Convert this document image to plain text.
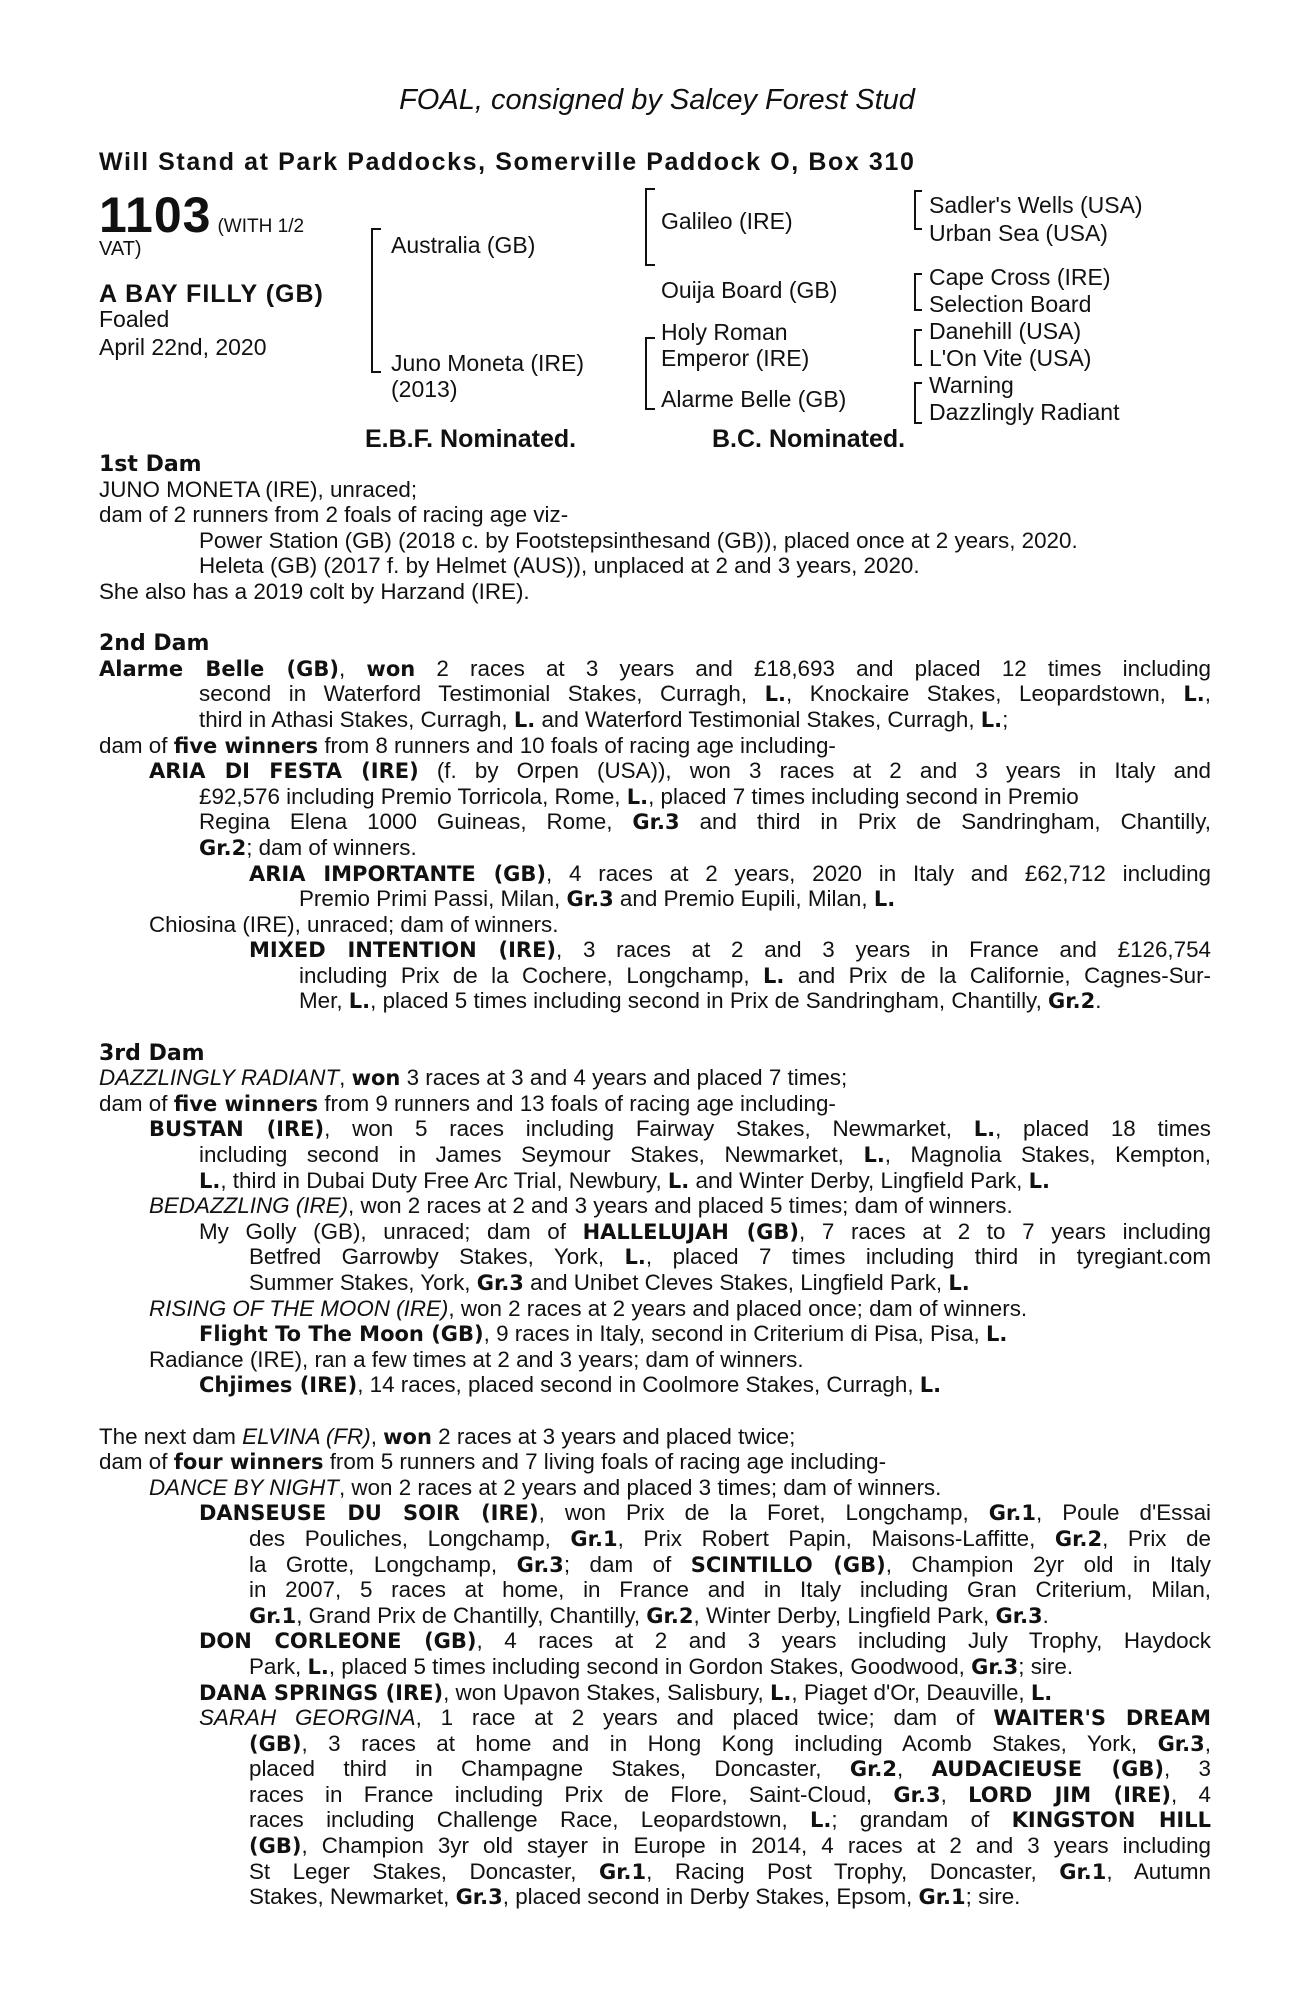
FOAL, consigned by Salcey Forest Stud
Will Stand at Park Paddocks, Somerville Paddock O, Box 310
1103 (WITH 1/2
VAT)
A BAY FILLY (GB)
Foaled
April 22nd, 2020
Australia (GB)
Juno Moneta (IRE)
(2013)
Galileo (IRE)
Ouija Board (GB)
Holy Roman
Emperor (IRE)
Alarme Belle (GB)
Sadler's Wells (USA)
Urban Sea (USA)
Cape Cross (IRE)
Selection Board
Danehill (USA)
L'On Vite (USA)
Warning
Dazzlingly Radiant
E.B.F. Nominated.	B.C. Nominated.
1st Dam
JUNO MONETA (IRE), unraced;
dam of 2 runners from 2 foals of racing age viz-
Power Station (GB) (2018 c. by Footstepsinthesand (GB)), placed once at 2 years, 2020.
Heleta (GB) (2017 f. by Helmet (AUS)), unplaced at 2 and 3 years, 2020.
She also has a 2019 colt by Harzand (IRE).
2nd Dam
Alarme Belle (GB), won 2 races at 3 years and £18,693 and placed 12 times including
second in Waterford Testimonial Stakes, Curragh, L., Knockaire Stakes, Leopardstown, L.,
third in Athasi Stakes, Curragh, L. and Waterford Testimonial Stakes, Curragh, L.;
dam of five winners from 8 runners and 10 foals of racing age including-
ARIA DI FESTA (IRE) (f. by Orpen (USA)), won 3 races at 2 and 3 years in Italy and
£92,576 including Premio Torricola, Rome, L., placed 7 times including second in Premio
Regina Elena 1000 Guineas, Rome, Gr.3 and third in Prix de Sandringham, Chantilly,
Gr.2; dam of winners.
ARIA IMPORTANTE (GB), 4 races at 2 years, 2020 in Italy and £62,712 including
Premio Primi Passi, Milan, Gr.3 and Premio Eupili, Milan, L.
Chiosina (IRE), unraced; dam of winners.
MIXED INTENTION (IRE), 3 races at 2 and 3 years in France and £126,754
including Prix de la Cochere, Longchamp, L. and Prix de la Californie, Cagnes-Sur-
Mer, L., placed 5 times including second in Prix de Sandringham, Chantilly, Gr.2.
3rd Dam
DAZZLINGLY RADIANT, won 3 races at 3 and 4 years and placed 7 times;
dam of five winners from 9 runners and 13 foals of racing age including-
BUSTAN (IRE), won 5 races including Fairway Stakes, Newmarket, L., placed 18 times
including second in James Seymour Stakes, Newmarket, L., Magnolia Stakes, Kempton,
L., third in Dubai Duty Free Arc Trial, Newbury, L. and Winter Derby, Lingfield Park, L.
BEDAZZLING (IRE), won 2 races at 2 and 3 years and placed 5 times; dam of winners.
My Golly (GB), unraced; dam of HALLELUJAH (GB), 7 races at 2 to 7 years including
Betfred Garrowby Stakes, York, L., placed 7 times including third in tyregiant.com
Summer Stakes, York, Gr.3 and Unibet Cleves Stakes, Lingfield Park, L.
RISING OF THE MOON (IRE), won 2 races at 2 years and placed once; dam of winners.
Flight To The Moon (GB), 9 races in Italy, second in Criterium di Pisa, Pisa, L.
Radiance (IRE), ran a few times at 2 and 3 years; dam of winners.
Chjimes (IRE), 14 races, placed second in Coolmore Stakes, Curragh, L.
The next dam ELVINA (FR), won 2 races at 3 years and placed twice;
dam of four winners from 5 runners and 7 living foals of racing age including-
DANCE BY NIGHT, won 2 races at 2 years and placed 3 times; dam of winners.
DANSEUSE DU SOIR (IRE), won Prix de la Foret, Longchamp, Gr.1, Poule d'Essai
des Pouliches, Longchamp, Gr.1, Prix Robert Papin, Maisons-Laffitte, Gr.2, Prix de
la Grotte, Longchamp, Gr.3; dam of SCINTILLO (GB), Champion 2yr old in Italy
in 2007, 5 races at home, in France and in Italy including Gran Criterium, Milan,
Gr.1, Grand Prix de Chantilly, Chantilly, Gr.2, Winter Derby, Lingfield Park, Gr.3.
DON CORLEONE (GB), 4 races at 2 and 3 years including July Trophy, Haydock
Park, L., placed 5 times including second in Gordon Stakes, Goodwood, Gr.3; sire.
DANA SPRINGS (IRE), won Upavon Stakes, Salisbury, L., Piaget d'Or, Deauville, L.
SARAH GEORGINA, 1 race at 2 years and placed twice; dam of WAITER'S DREAM
(GB), 3 races at home and in Hong Kong including Acomb Stakes, York, Gr.3,
placed third in Champagne Stakes, Doncaster, Gr.2, AUDACIEUSE (GB), 3
races in France including Prix de Flore, Saint-Cloud, Gr.3, LORD JIM (IRE), 4
races including Challenge Race, Leopardstown, L.; grandam of KINGSTON HILL
(GB), Champion 3yr old stayer in Europe in 2014, 4 races at 2 and 3 years including
St Leger Stakes, Doncaster, Gr.1, Racing Post Trophy, Doncaster, Gr.1, Autumn
Stakes, Newmarket, Gr.3, placed second in Derby Stakes, Epsom, Gr.1; sire.
